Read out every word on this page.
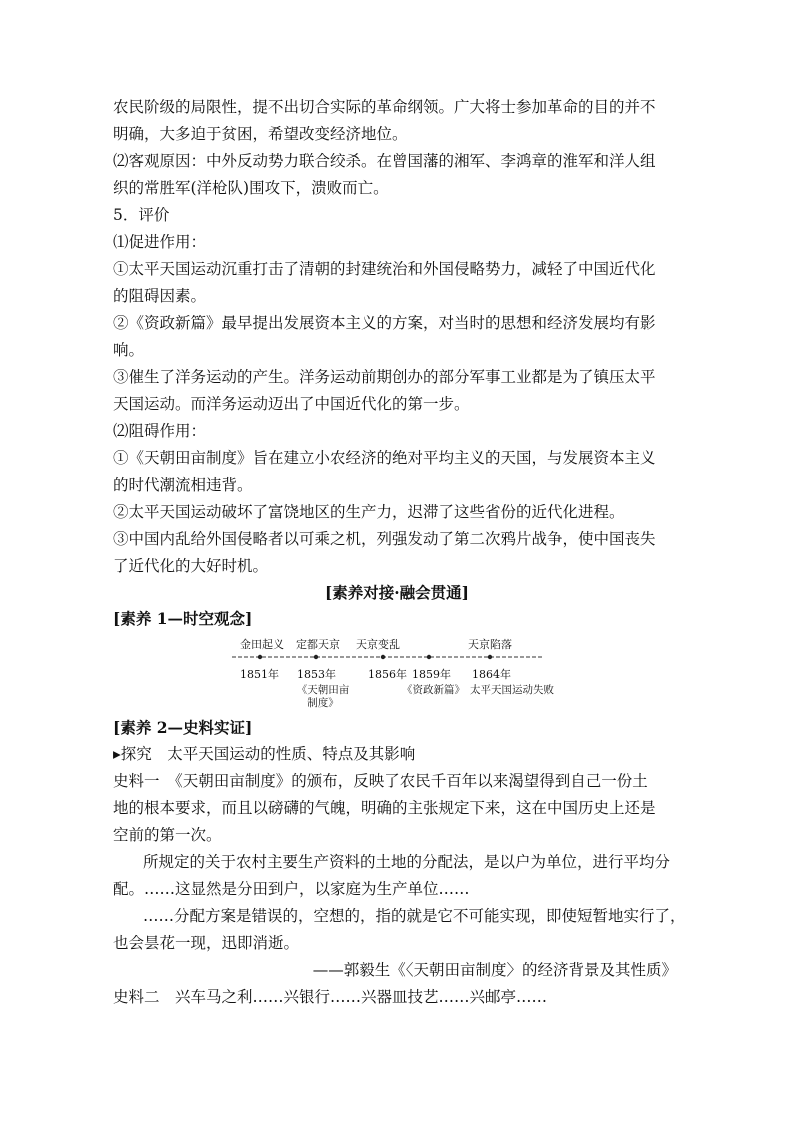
农民阶级的局限性，提不出切合实际的革命纲领。广大将士参加革命的目的并不
明确，大多迫于贫困，希望改变经济地位。
⑵客观原因：中外反动势力联合绞杀。在曾国藩的湘军、李鸿章的淮军和洋人组
织的常胜军(洋枪队)围攻下，溃败而亡。
5．评价
⑴促进作用：
①太平天国运动沉重打击了清朝的封建统治和外国侵略势力，减轻了中国近代化
的阻碍因素。
②《资政新篇》最早提出发展资本主义的方案，对当时的思想和经济发展均有影
响。
③催生了洋务运动的产生。洋务运动前期创办的部分军事工业都是为了镇压太平
天国运动。而洋务运动迈出了中国近代化的第一步。
⑵阻碍作用：
①《天朝田亩制度》旨在建立小农经济的绝对平均主义的天国，与发展资本主义
的时代潮流相违背。
②太平天国运动破坏了富饶地区的生产力，迟滞了这些省份的近代化进程。
③中国内乱给外国侵略者以可乘之机，列强发动了第二次鸦片战争，使中国丧失
了近代化的大好时机。
[素养对接·融会贯通]
[素养 1—时空观念]
金田起义 定都天京 天京变乱	天京陷落
1851年 1853年	1856年 1859年 1864年
《天朝田亩
制度》
《资政新篇》 太平天国运动失败
[素养 2—史料实证]
▸探究　太平天国运动的性质、特点及其影响
史料一　《天朝田亩制度》的颁布，反映了农民千百年以来渴望得到自己一份土
地的根本要求，而且以磅礴的气魄，明确的主张规定下来，这在中国历史上还是
空前的第一次。
所规定的关于农村主要生产资料的土地的分配法，是以户为单位，进行平均分
配。……这显然是分田到户，以家庭为生产单位……
……分配方案是错误的，空想的，指的就是它不可能实现，即使短暂地实行了，
也会昙花一现，迅即消逝。
——郭毅生《〈天朝田亩制度〉的经济背景及其性质》
史料二　兴车马之利……兴银行……兴器皿技艺……兴邮亭……
